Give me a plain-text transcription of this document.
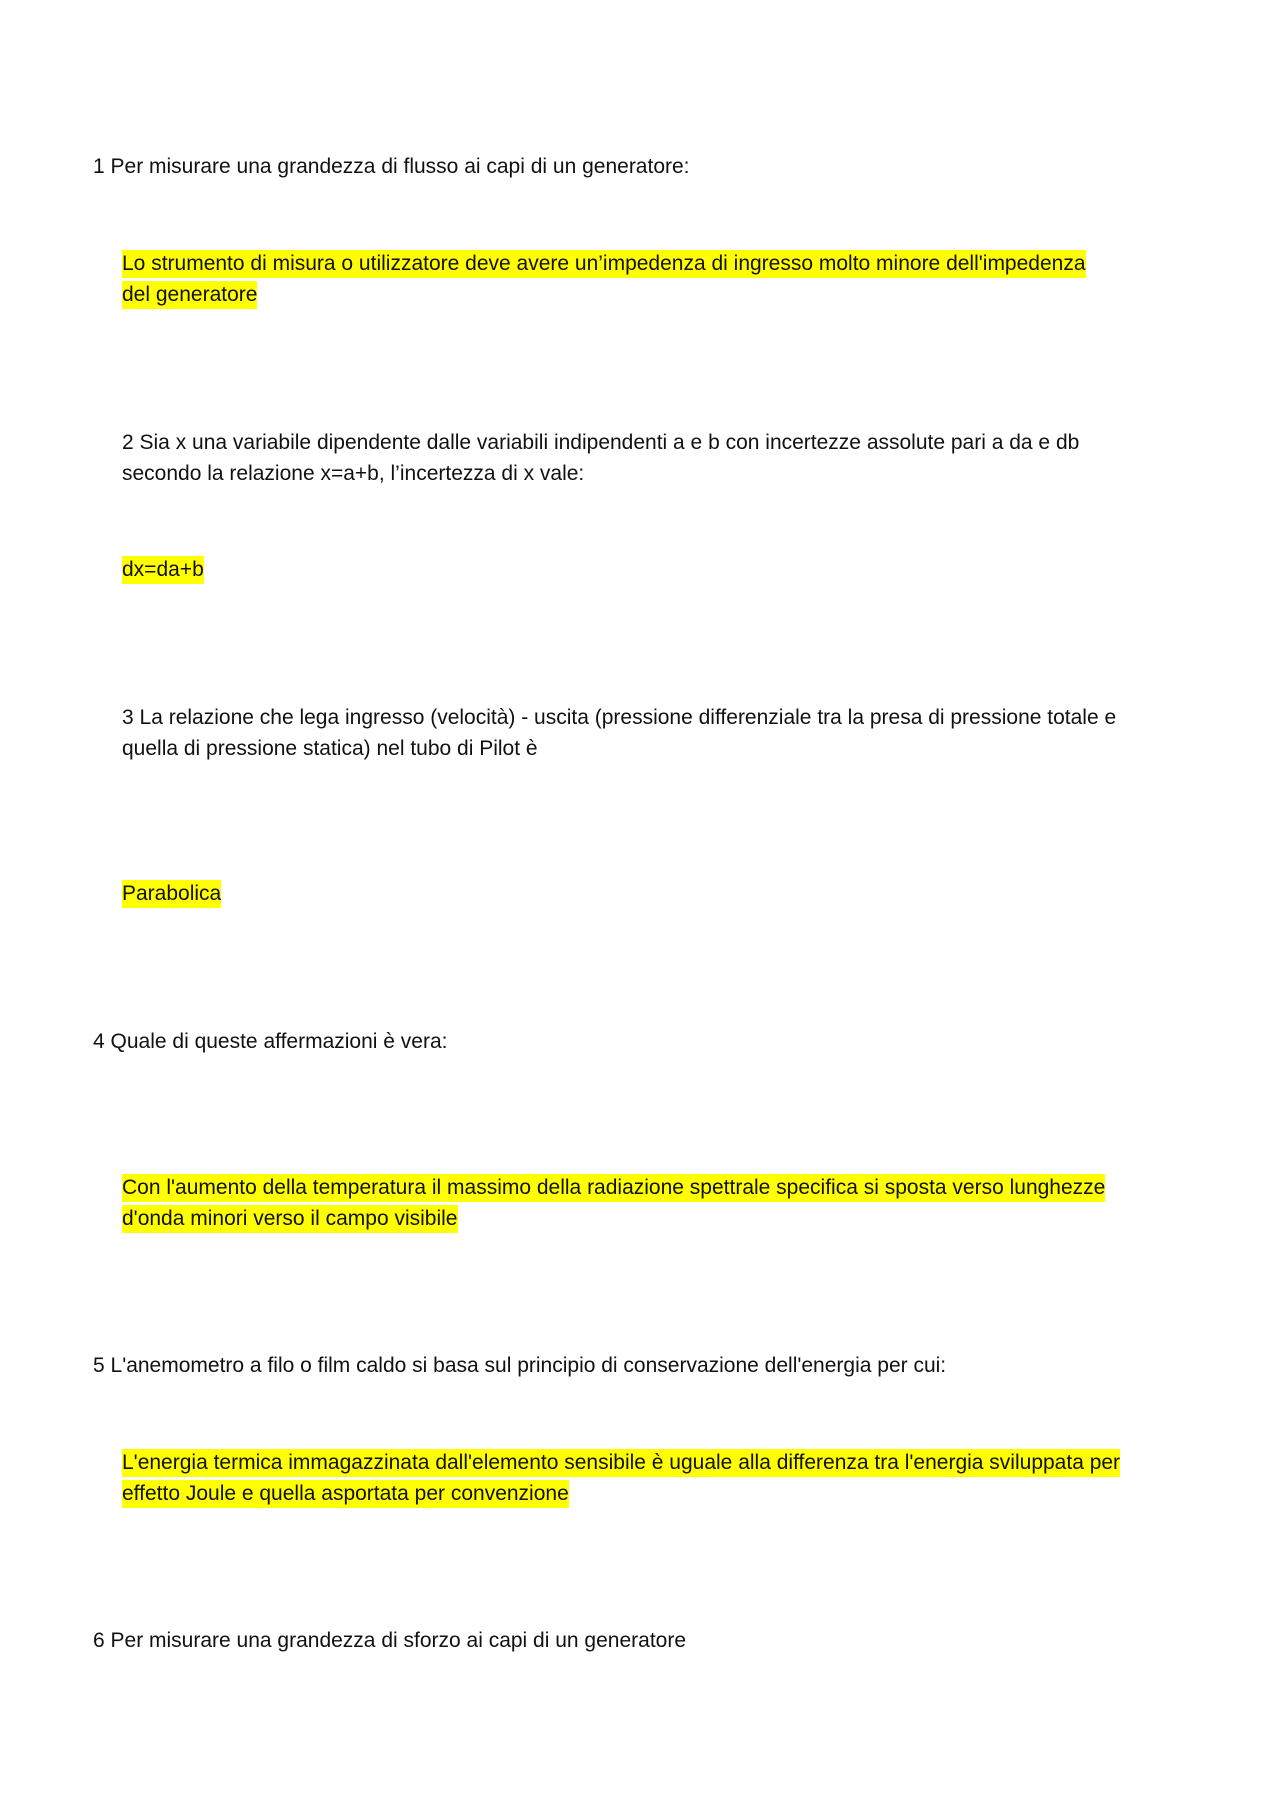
1 Per misurare una grandezza di flusso ai capi di un generatore:
Lo strumento di misura o utilizzatore deve avere un’impedenza di ingresso molto minore dell'impedenza
del generatore
2 Sia x una variabile dipendente dalle variabili indipendenti a e b con incertezze assolute pari a da e db
secondo la relazione x=a+b, l’incertezza di x vale:
dx=da+b
3 La relazione che lega ingresso (velocità) - uscita (pressione differenziale tra la presa di pressione totale e
quella di pressione statica) nel tubo di Pilot è
Parabolica
4 Quale di queste affermazioni è vera:
Con l'aumento della temperatura il massimo della radiazione spettrale specifica si sposta verso lunghezze
d'onda minori verso il campo visibile
5 L'anemometro a filo o film caldo si basa sul principio di conservazione dell'energia per cui:
L'energia termica immagazzinata dall'elemento sensibile è uguale alla differenza tra l'energia sviluppata per
effetto Joule e quella asportata per convenzione
6 Per misurare una grandezza di sforzo ai capi di un generatore
